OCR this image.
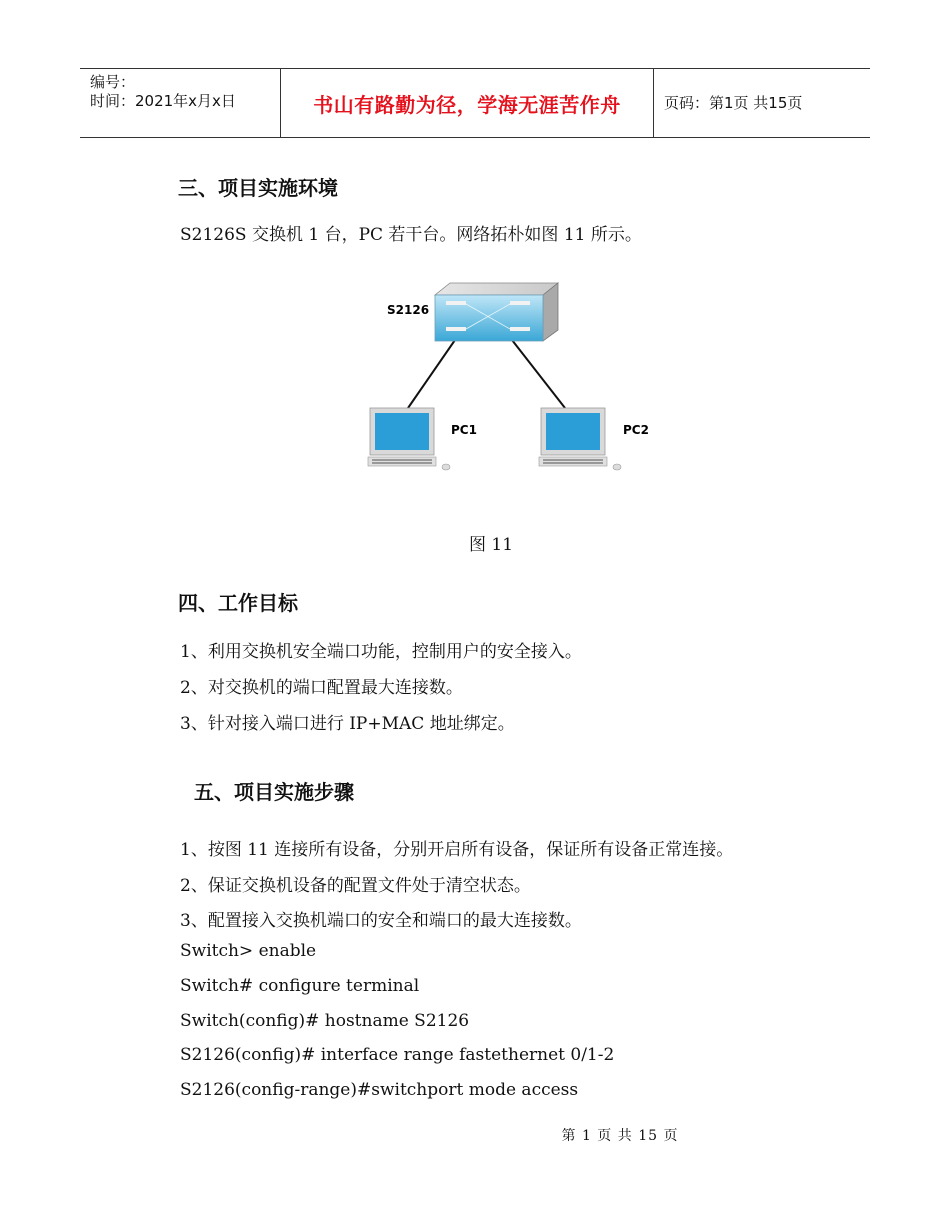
编号：
时间：2021年x月x日	书山有路勤为径，学海无涯苦作舟	页码：第1页 共15页
三、项目实施环境

S2126S 交换机 1 台，PC 若干台。网络拓朴如图 11 所示。

S2126
PC1	PC2
图 11
四、工作目标

1、利用交换机安全端口功能，控制用户的安全接入。

2、对交换机的端口配置最大连接数。

3、针对接入端口进行 IP+MAC 地址绑定。

五、项目实施步骤

1、按图 11 连接所有设备，分别开启所有设备，保证所有设备正常连接。

2、保证交换机设备的配置文件处于清空状态。

3、配置接入交换机端口的安全和端口的最大连接数。

Switch> enable

Switch# configure terminal

Switch(config)# hostname S2126

S2126(config)# interface range fastethernet 0/1-2

S2126(config-range)#switchport mode access

第 1 页 共 15 页
